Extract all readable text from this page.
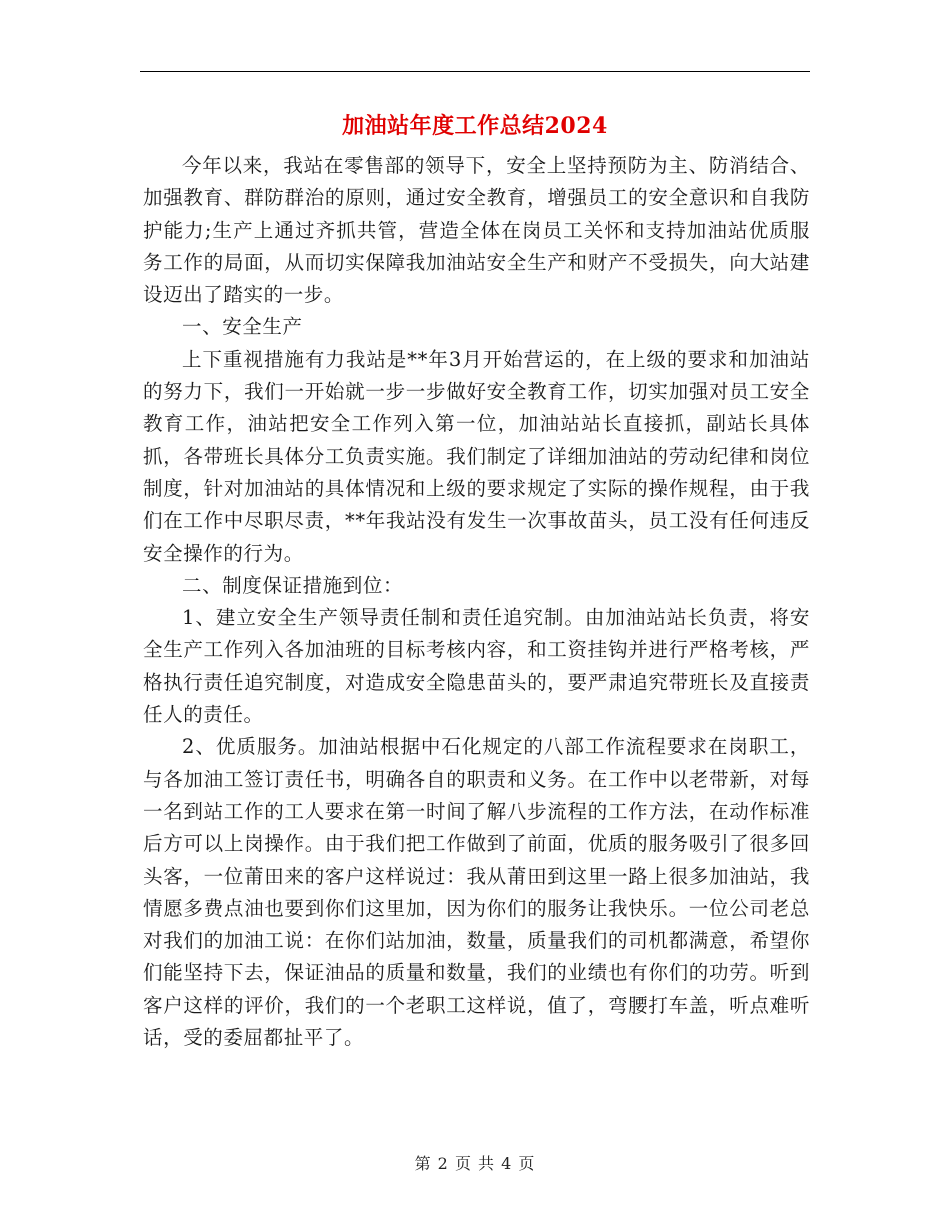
加油站年度工作总结2024

今年以来，我站在零售部的领导下，安全上坚持预防为主、防消结合、加强教育、群防群治的原则，通过安全教育，增强员工的安全意识和自我防护能力;生产上通过齐抓共管，营造全体在岗员工关怀和支持加油站优质服务工作的局面，从而切实保障我加油站安全生产和财产不受损失，向大站建设迈出了踏实的一步。

一、安全生产

上下重视措施有力我站是**年3月开始营运的，在上级的要求和加油站的努力下，我们一开始就一步一步做好安全教育工作，切实加强对员工安全教育工作，油站把安全工作列入第一位，加油站站长直接抓，副站长具体抓，各带班长具体分工负责实施。我们制定了详细加油站的劳动纪律和岗位制度，针对加油站的具体情况和上级的要求规定了实际的操作规程，由于我们在工作中尽职尽责，**年我站没有发生一次事故苗头，员工没有任何违反安全操作的行为。

二、制度保证措施到位：

1、建立安全生产领导责任制和责任追究制。由加油站站长负责，将安全生产工作列入各加油班的目标考核内容，和工资挂钩并进行严格考核，严格执行责任追究制度，对造成安全隐患苗头的，要严肃追究带班长及直接责任人的责任。

2、优质服务。加油站根据中石化规定的八部工作流程要求在岗职工，与各加油工签订责任书，明确各自的职责和义务。在工作中以老带新，对每一名到站工作的工人要求在第一时间了解八步流程的工作方法，在动作标准后方可以上岗操作。由于我们把工作做到了前面，优质的服务吸引了很多回头客，一位莆田来的客户这样说过：我从莆田到这里一路上很多加油站，我情愿多费点油也要到你们这里加，因为你们的服务让我快乐。一位公司老总对我们的加油工说：在你们站加油，数量，质量我们的司机都满意，希望你们能坚持下去，保证油品的质量和数量，我们的业绩也有你们的功劳。听到客户这样的评价，我们的一个老职工这样说，值了，弯腰打车盖，听点难听话，受的委屈都扯平了。

第 2 页 共 4 页
